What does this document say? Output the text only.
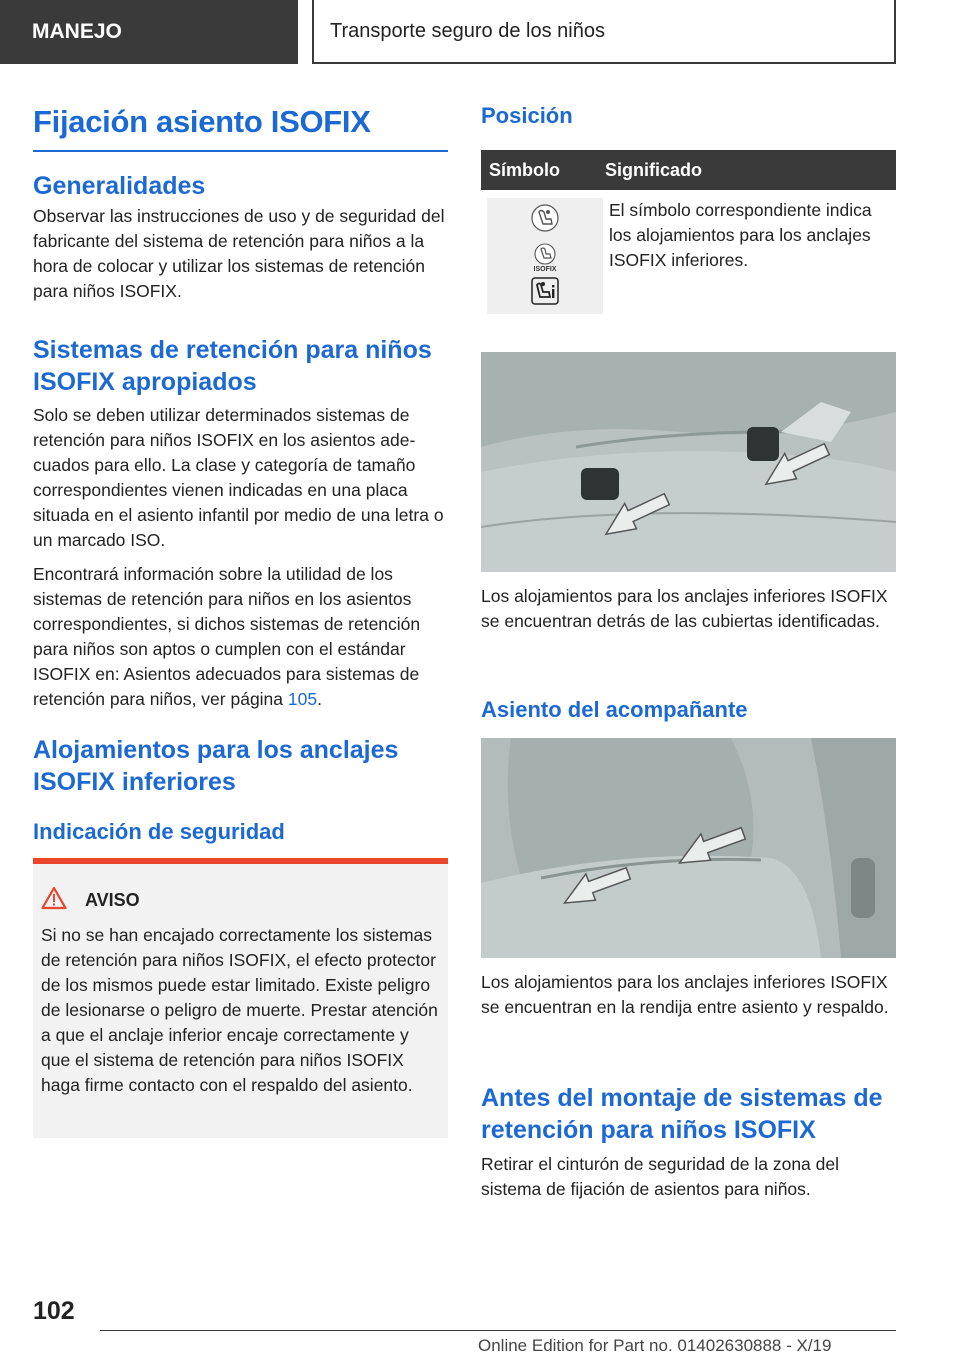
MANEJO	Transporte seguro de los niños
Fijación asiento ISOFIX
Generalidades

Observar las instrucciones de uso y de seguridad del fabricante del sistema de retención para niños a la hora de colocar y utilizar los sistemas de retención para niños ISOFIX.

Sistemas de retención para niños ISOFIX apropiados

Solo se deben utilizar determinados sistemas de retención para niños ISOFIX en los asientos adecuados para ello. La clase y categoría de tamaño correspondientes vienen indicadas en una placa situada en el asiento infantil por medio de una letra o un marcado ISO.

Encontrará información sobre la utilidad de los sistemas de retención para niños en los asientos correspondientes, si dichos sistemas de retención para niños son aptos o cumplen con el estándar ISOFIX en: Asientos adecuados para sistemas de retención para niños, ver página 105.

Alojamientos para los anclajes ISOFIX inferiores
Indicación de seguridad
AVISO

Si no se han encajado correctamente los sistemas de retención para niños ISOFIX, el efecto protector de los mismos puede estar limitado. Existe peligro de lesionarse o peligro de muerte. Prestar atención a que el anclaje inferior encaje correctamente y que el sistema de retención para niños ISOFIX haga firme contacto con el respaldo del asiento.

Posición
Símbolo	Significado
ISOFIX

El símbolo correspondiente indica los alojamientos para los anclajes ISOFIX inferiores.

Los alojamientos para los anclajes inferiores ISOFIX se encuentran detrás de las cubiertas identificadas.

Asiento del acompañante

Los alojamientos para los anclajes inferiores ISOFIX se encuentran en la rendija entre asiento y respaldo.

Antes del montaje de sistemas de retención para niños ISOFIX

Retirar el cinturón de seguridad de la zona del sistema de fijación de asientos para niños.

102
Online Edition for Part no. 01402630888 - X/19
